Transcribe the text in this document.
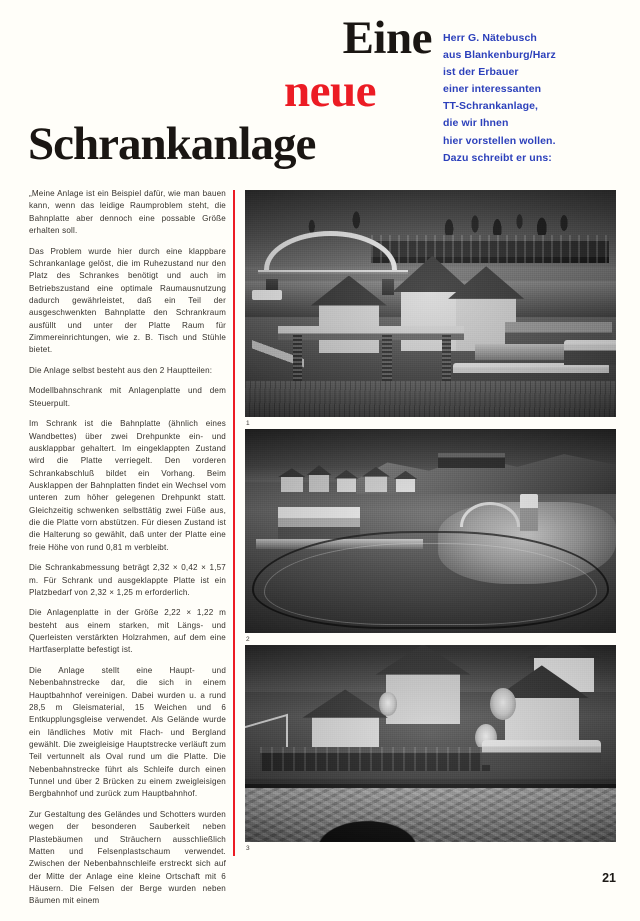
Eine
neue
Schrankanlage
Herr G. Nätebusch
aus Blankenburg/Harz
ist der Erbauer
einer interessanten
TT-Schrankanlage,
die wir Ihnen
hier vorstellen wollen.
Dazu schreibt er uns:

„Meine Anlage ist ein Beispiel dafür, wie man bauen kann, wenn das leidige Raumproblem steht, die Bahnplatte aber dennoch eine possable Größe erhalten soll.

Das Problem wurde hier durch eine klappbare Schrankanlage gelöst, die im Ruhezustand nur den Platz des Schrankes benötigt und auch im Betriebszustand eine optimale Raumausnutzung dadurch gewährleistet, daß ein Teil der ausgeschwenkten Bahnplatte den Schrankraum ausfüllt und unter der Platte Raum für Zimmereinrichtungen, wie z. B. Tisch und Stühle bietet.

Die Anlage selbst besteht aus den 2 Hauptteilen:

Modellbahnschrank mit Anlagenplatte und dem Steuerpult.

Im Schrank ist die Bahnplatte (ähnlich eines Wandbettes) über zwei Drehpunkte ein- und ausklappbar gehaltert. Im eingeklappten Zustand wird die Platte verriegelt. Den vorderen Schrankabschluß bildet ein Vorhang. Beim Ausklappen der Bahnplatten findet ein Wechsel vom unteren zum höher gelegenen Drehpunkt statt. Gleichzeitig schwenken selbsttätig zwei Füße aus, die die Platte vorn abstützen. Für diesen Zustand ist die Halterung so gewählt, daß unter der Platte eine freie Höhe von rund 0,81 m verbleibt.

Die Schrankabmessung beträgt 2,32 × 0,42 × 1,57 m. Für Schrank und ausgeklappte Platte ist ein Platzbedarf von 2,32 × 1,25 m erforderlich.

Die Anlagenplatte in der Größe 2,22 × 1,22 m besteht aus einem starken, mit Längs- und Querleisten verstärkten Holzrahmen, auf dem eine Hartfaserplatte befestigt ist.

Die Anlage stellt eine Haupt- und Nebenbahnstrecke dar, die sich in einem Hauptbahnhof vereinigen. Dabei wurden u. a rund 28,5 m Gleismaterial, 15 Weichen und 6 Entkupplungsgleise verwendet. Als Gelände wurde ein ländliches Motiv mit Flach- und Bergland gewählt. Die zweigleisige Hauptstrecke verläuft zum Teil vertunnelt als Oval rund um die Platte. Die Nebenbahnstrecke führt als Schleife durch einen Tunnel und über 2 Brücken zu einem zweigleisigen Bergbahnhof und zurück zum Hauptbahnhof.

Zur Gestaltung des Geländes und Schotters wurden wegen der besonderen Sauberkeit neben Plastebäumen und Sträuchern ausschließlich Matten und Felsenplastschaum verwendet. Zwischen der Nebenbahnschleife erstreckt sich auf der Mitte der Anlage eine kleine Ortschaft mit 6 Häusern. Die Felsen der Berge wurden neben Bäumen mit einem

1
2
3
21
